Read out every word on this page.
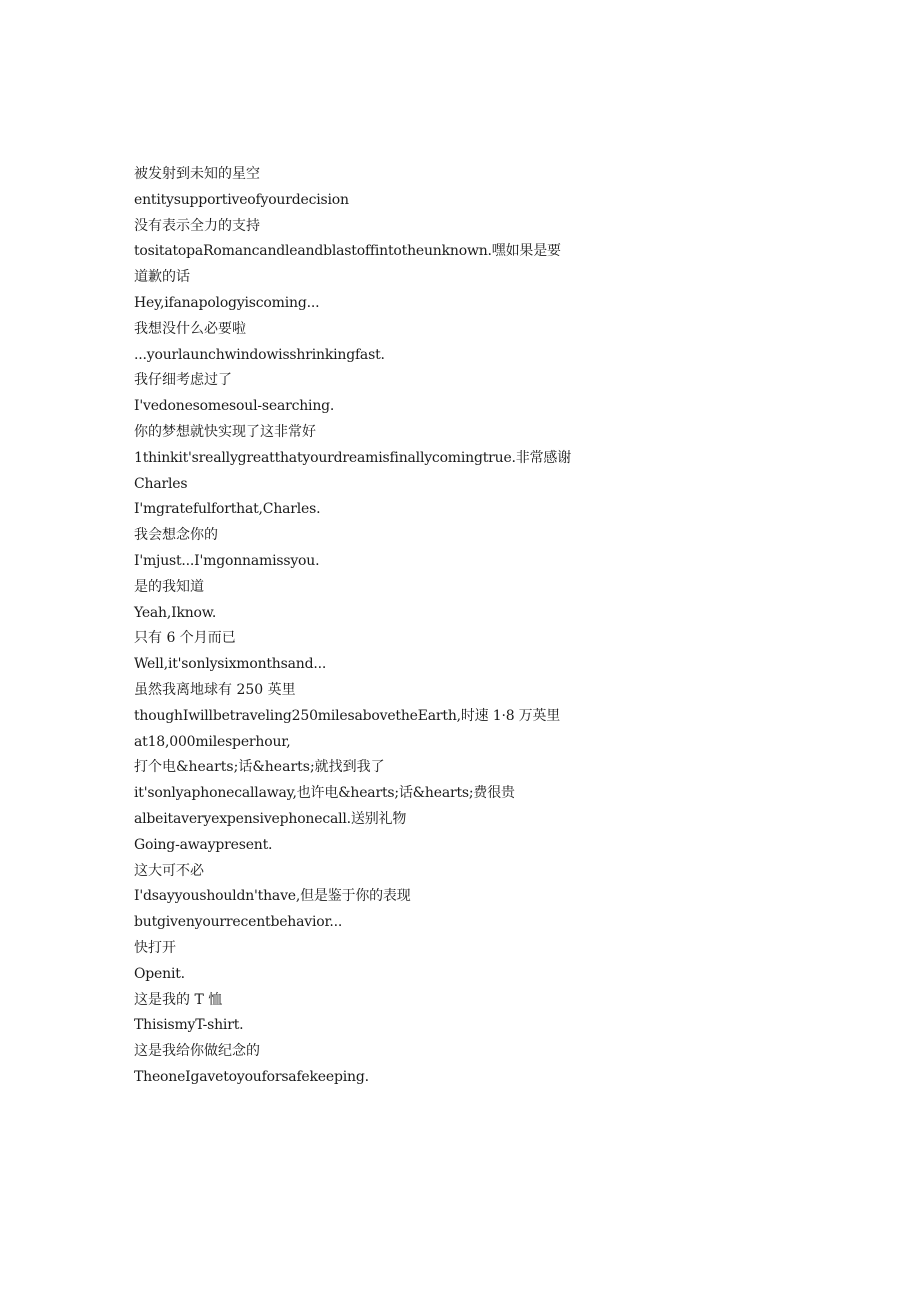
被发射到未知的星空
entitysupportiveofyourdecision
没有表示全力的支持
tositatopaRomancandleandblastoffintotheunknown.嘿如果是要
道歉的话
Hey,ifanapologyiscoming...
我想没什么必要啦
...yourlaunchwindowisshrinkingfast.
我仔细考虑过了
I'vedonesomesoul-searching.
你的梦想就快实现了这非常好
1thinkit'sreallygreatthatyourdreamisfinallycomingtrue.非常感谢
Charles
I'mgratefulforthat,Charles.
我会想念你的
I'mjust...I'mgonnamissyou.
是的我知道
Yeah,Iknow.
只有 6 个月而已
Well,it'sonlysixmonthsand...
虽然我离地球有 250 英里
thoughIwillbetraveling250milesabovetheEarth,时速 1·8 万英里
at18,000milesperhour,
打个电&hearts;话&hearts;就找到我了
it'sonlyaphonecallaway,也许电&hearts;话&hearts;费很贵
albeitaveryexpensivephonecall.送别礼物
Going-awaypresent.
这大可不必
I'dsayyoushouldn'thave,但是鉴于你的表现
butgivenyourrecentbehavior...
快打开
Openit.
这是我的 T 恤
ThisismyT-shirt.
这是我给你做纪念的
TheoneIgavetoyouforsafekeeping.
